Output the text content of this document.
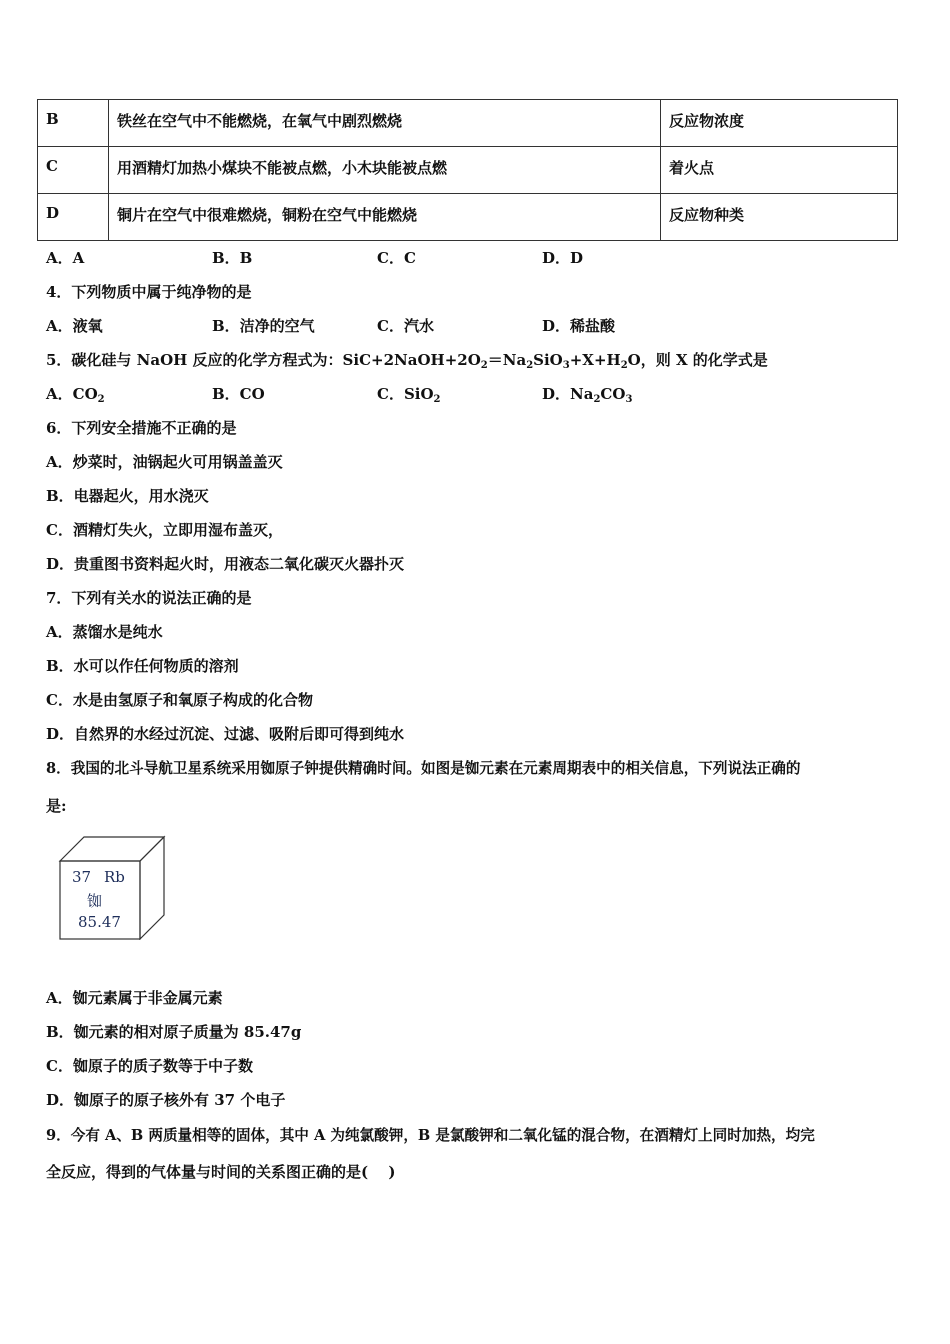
B	铁丝在空气中不能燃烧，在氧气中剧烈燃烧	反应物浓度
C	用酒精灯加热小煤块不能被点燃，小木块能被点燃	着火点
D	铜片在空气中很难燃烧，铜粉在空气中能燃烧	反应物种类
A．A	B．B	C．C	D．D
4．下列物质中属于纯净物的是
A．液氧	B．洁净的空气	C．汽水	D．稀盐酸
5．碳化硅与 NaOH 反应的化学方程式为：$SiC+2NaOH+2O_2=Na_2SiO_3+X+H_2O$，则 X 的化学式是
A．$CO_2$	B．CO	C．SiO$_2$	D．$Na_2CO_3$
6．下列安全措施不正确的是
A．炒菜时，油锅起火可用锅盖盖灭
B．电器起火，用水浇灭
C．酒精灯失火，立即用湿布盖灭，
D．贵重图书资料起火时，用液态二氧化碳灭火器扑灭
7．下列有关水的说法正确的是
A．蒸馏水是纯水
B．水可以作任何物质的溶剂
C．水是由氢原子和氧原子构成的化合物
D．自然界的水经过沉淀、过滤、吸附后即可得到纯水
8．我国的北斗导航卫星系统采用铷原子钟提供精确时间。如图是铷元素在元素周期表中的相关信息，下列说法正确的
是:
37 Rb
铷
85.47
A．铷元素属于非金属元素
B．铷元素的相对原子质量为 85.47g
C．铷原子的质子数等于中子数
D．铷原子的原子核外有 37 个电子
9．今有 A、B 两质量相等的固体，其中 A 为纯氯酸钾，B 是氯酸钾和二氧化锰的混合物，在酒精灯上同时加热，均完
全反应，得到的气体量与时间的关系图正确的是(　 )
